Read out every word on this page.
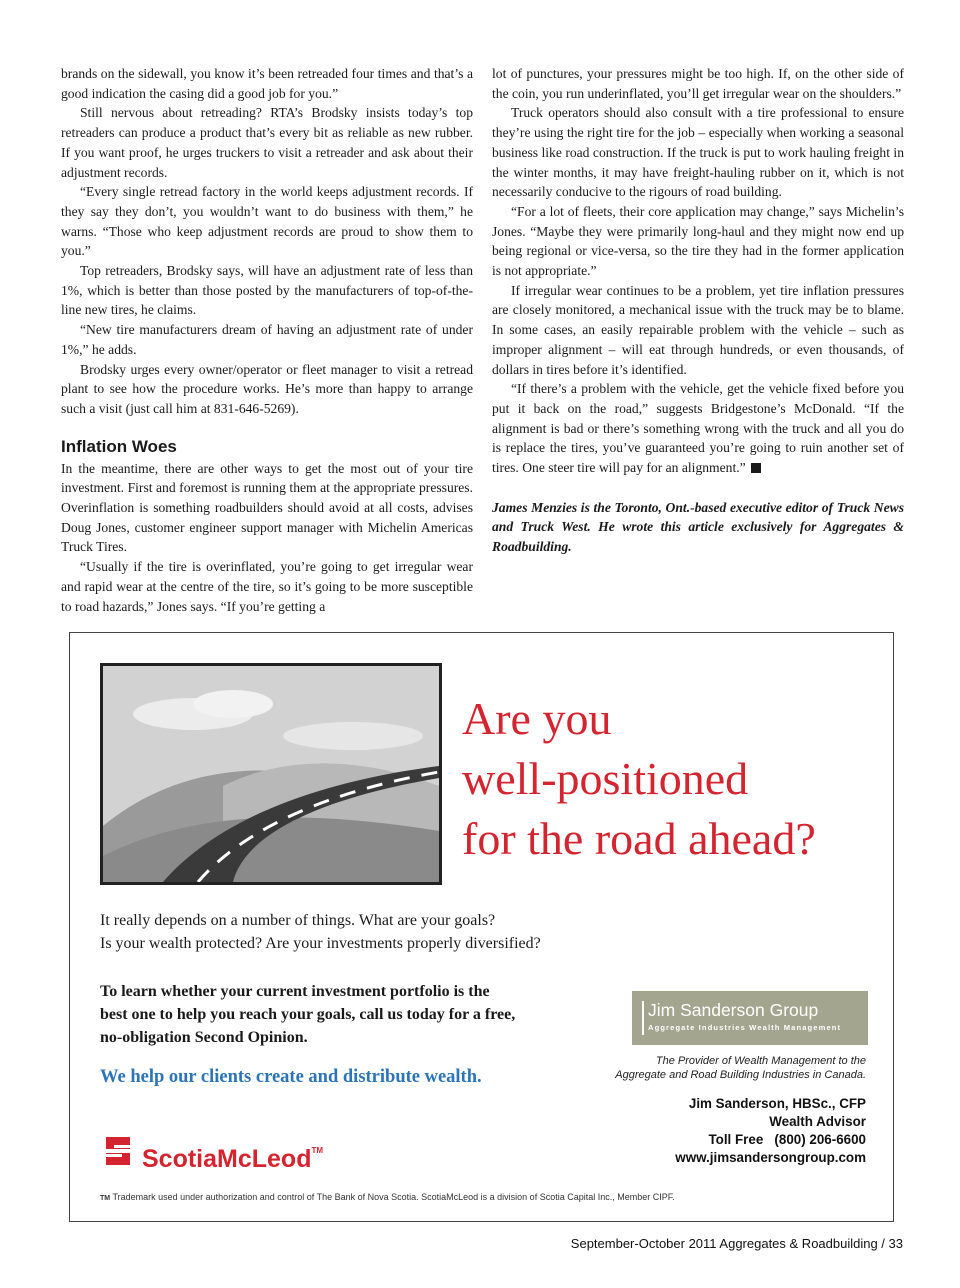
brands on the sidewall, you know it’s been retreaded four times and that’s a good indication the casing did a good job for you.”

Still nervous about retreading? RTA’s Brodsky insists today’s top retreaders can produce a product that’s every bit as reliable as new rubber. If you want proof, he urges truckers to visit a retreader and ask about their adjustment records.

“Every single retread factory in the world keeps adjustment records. If they say they don’t, you wouldn’t want to do business with them,” he warns. “Those who keep adjustment records are proud to show them to you.”

Top retreaders, Brodsky says, will have an adjustment rate of less than 1%, which is better than those posted by the manufacturers of top-of-the-line new tires, he claims.

“New tire manufacturers dream of having an adjustment rate of under 1%,” he adds.

Brodsky urges every owner/operator or fleet manager to visit a retread plant to see how the procedure works. He’s more than happy to arrange such a visit (just call him at 831-646-5269).

Inflation Woes

In the meantime, there are other ways to get the most out of your tire investment. First and foremost is running them at the appropriate pressures. Overinflation is something roadbuilders should avoid at all costs, advises Doug Jones, customer engineer support manager with Michelin Americas Truck Tires.

“Usually if the tire is overinflated, you’re going to get irregular wear and rapid wear at the centre of the tire, so it’s going to be more susceptible to road hazards,” Jones says. “If you’re getting a

lot of punctures, your pressures might be too high. If, on the other side of the coin, you run underinflated, you’ll get irregular wear on the shoulders.”

Truck operators should also consult with a tire professional to ensure they’re using the right tire for the job – especially when working a seasonal business like road construction. If the truck is put to work hauling freight in the winter months, it may have freight-hauling rubber on it, which is not necessarily conducive to the rigours of road building.

“For a lot of fleets, their core application may change,” says Michelin’s Jones. “Maybe they were primarily long-haul and they might now end up being regional or vice-versa, so the tire they had in the former application is not appropriate.”

If irregular wear continues to be a problem, yet tire inflation pressures are closely monitored, a mechanical issue with the truck may be to blame. In some cases, an easily repairable problem with the vehicle – such as improper alignment – will eat through hundreds, or even thousands, of dollars in tires before it’s identified.

“If there’s a problem with the vehicle, get the vehicle fixed before you put it back on the road,” suggests Bridgestone’s McDonald. “If the alignment is bad or there’s something wrong with the truck and all you do is replace the tires, you’ve guaranteed you’re going to ruin another set of tires. One steer tire will pay for an alignment.”

James Menzies is the Toronto, Ont.-based executive editor of Truck News and Truck West. He wrote this article exclusively for Aggregates & Roadbuilding.

Are you
well-positioned
for the road ahead?
It really depends on a number of things. What are your goals?
Is your wealth protected? Are your investments properly diversified?
To learn whether your current investment portfolio is the
best one to help you reach your goals, call us today for a free,
no-obligation Second Opinion.
We help our clients create and distribute wealth.
Jim Sanderson Group
Aggregate Industries Wealth Management
The Provider of Wealth Management to the
Aggregate and Road Building Industries in Canada.
Jim Sanderson, HBSc., CFP
Wealth Advisor
Toll Free   (800) 206-6600
www.jimsandersongroup.com
ScotiaMcLeod™
TM Trademark used under authorization and control of The Bank of Nova Scotia. ScotiaMcLeod is a division of Scotia Capital Inc., Member CIPF.
September-October 2011 Aggregates & Roadbuilding / 33
